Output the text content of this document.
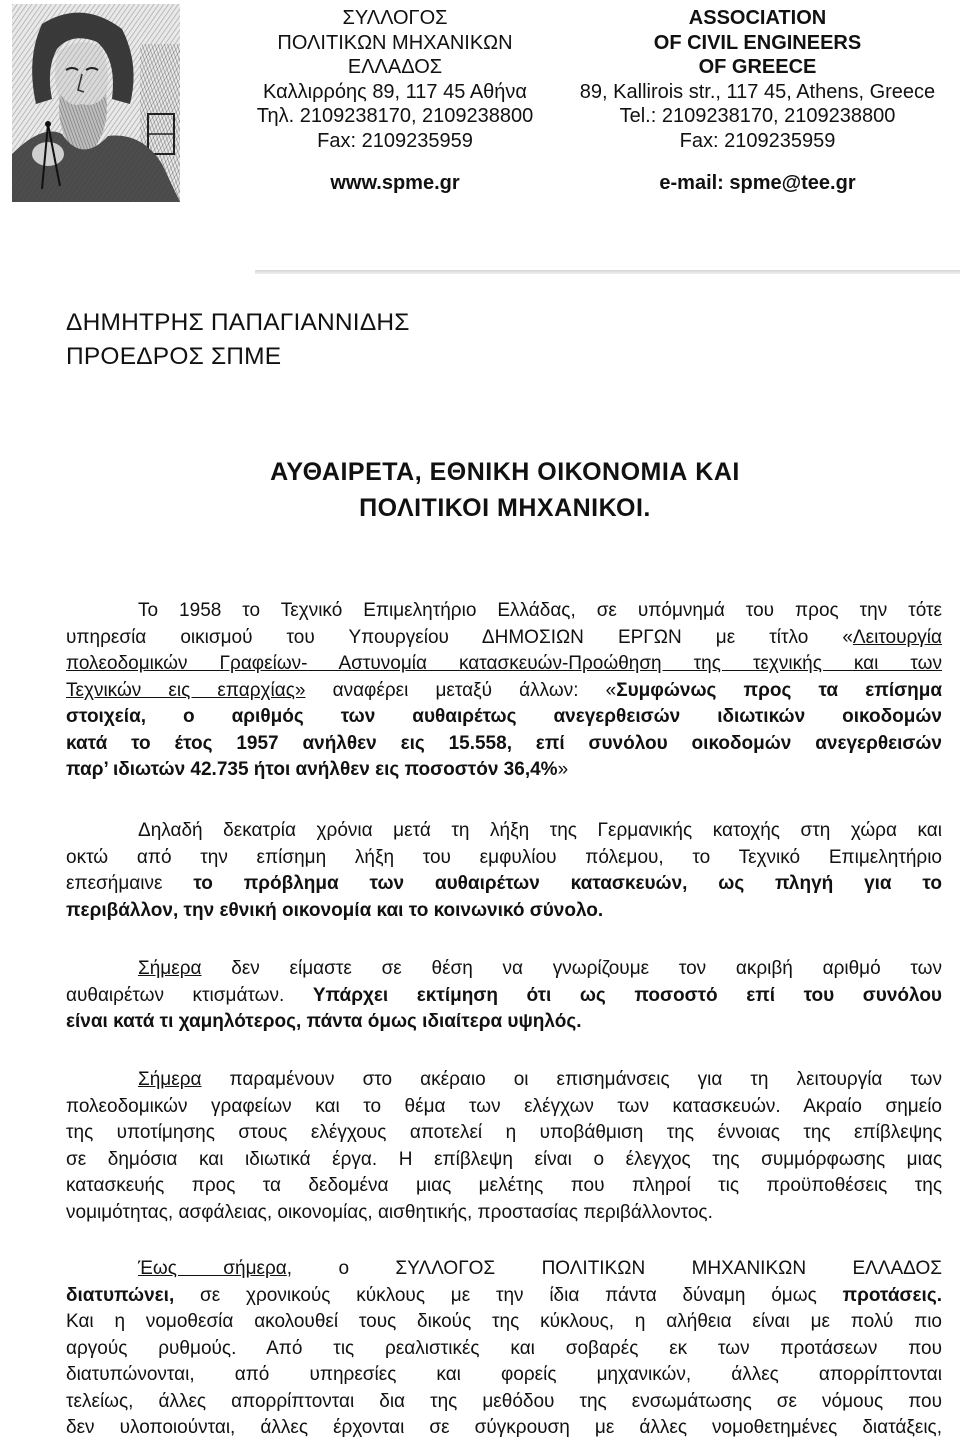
ΣΥΛΛΟΓΟΣ
ΠΟΛΙΤΙΚΩΝ ΜΗΧΑΝΙΚΩΝ
ΕΛΛΑΔΟΣ
Καλλιρρόης 89, 117 45 Αθήνα
Τηλ. 2109238170, 2109238800
Fax: 2109235959
www.spme.gr
ASSOCIATION
OF CIVIL ENGINEERS
OF GREECE
89, Kallirois str., 117 45, Athens, Greece
Tel.: 2109238170, 2109238800
Fax: 2109235959
e-mail: spme@tee.gr
ΔΗΜΗΤΡΗΣ ΠΑΠΑΓΙΑΝΝΙΔΗΣ
ΠΡΟΕΔΡΟΣ ΣΠΜΕ
ΑΥΘΑΙΡΕΤΑ, ΕΘΝΙΚΗ ΟΙΚΟΝΟΜΙΑ ΚΑΙ
ΠΟΛΙΤΙΚΟΙ ΜΗΧΑΝΙΚΟΙ.
Το 1958 το Τεχνικό Επιμελητήριο Ελλάδας, σε υπόμνημά του προς την τότε
υπηρεσία οικισμού του Υπουργείου ΔΗΜΟΣΙΩΝ ΕΡΓΩΝ με τίτλο «Λειτουργία
πολεοδομικών Γραφείων- Αστυνομία κατασκευών-Προώθηση της τεχνικής και των
Τεχνικών εις επαρχίας» αναφέρει μεταξύ άλλων: «Συμφώνως προς τα επίσημα
στοιχεία, ο αριθμός των αυθαιρέτως ανεγερθεισών ιδιωτικών οικοδομών
κατά το έτος 1957 ανήλθεν εις 15.558, επί συνόλου οικοδομών ανεγερθεισών
παρ’ ιδιωτών 42.735 ήτοι ανήλθεν εις ποσοστόν 36,4%»
Δηλαδή δεκατρία χρόνια μετά τη λήξη της Γερμανικής κατοχής στη χώρα και
οκτώ από την επίσημη λήξη του εμφυλίου πόλεμου, το Τεχνικό Επιμελητήριο
επεσήμαινε το πρόβλημα των αυθαιρέτων κατασκευών, ως πληγή για το
περιβάλλον, την εθνική οικονομία και το κοινωνικό σύνολο.
Σήμερα δεν είμαστε σε θέση να γνωρίζουμε τον ακριβή αριθμό των
αυθαιρέτων κτισμάτων. Υπάρχει εκτίμηση ότι ως ποσοστό επί του συνόλου
είναι κατά τι χαμηλότερος, πάντα όμως ιδιαίτερα υψηλός.
Σήμερα παραμένουν στο ακέραιο οι επισημάνσεις για τη λειτουργία των
πολεοδομικών γραφείων και το θέμα των ελέγχων των κατασκευών. Ακραίο σημείο
της υποτίμησης στους ελέγχους αποτελεί η υποβάθμιση της έννοιας της επίβλεψης
σε δημόσια και ιδιωτικά έργα. Η επίβλεψη είναι ο έλεγχος της συμμόρφωσης μιας
κατασκευής προς τα δεδομένα μιας μελέτης που πληροί τις προϋποθέσεις της
νομιμότητας, ασφάλειας, οικονομίας, αισθητικής, προστασίας περιβάλλοντος.
Έως σήμερα, ο ΣΥΛΛΟΓΟΣ ΠΟΛΙΤΙΚΩΝ ΜΗΧΑΝΙΚΩΝ ΕΛΛΑΔΟΣ
διατυπώνει, σε χρονικούς κύκλους με την ίδια πάντα δύναμη όμως προτάσεις.
Και η νομοθεσία ακολουθεί τους δικούς της κύκλους, η αλήθεια είναι με πολύ πιο
αργούς ρυθμούς. Από τις ρεαλιστικές και σοβαρές εκ των προτάσεων που
διατυπώνονται, από υπηρεσίες και φορείς μηχανικών, άλλες απορρίπτονται
τελείως, άλλες απορρίπτονται δια της μεθόδου της ενσωμάτωσης σε νόμους που
δεν υλοποιούνται, άλλες έρχονται σε σύγκρουση με άλλες νομοθετημένες διατάξεις,
